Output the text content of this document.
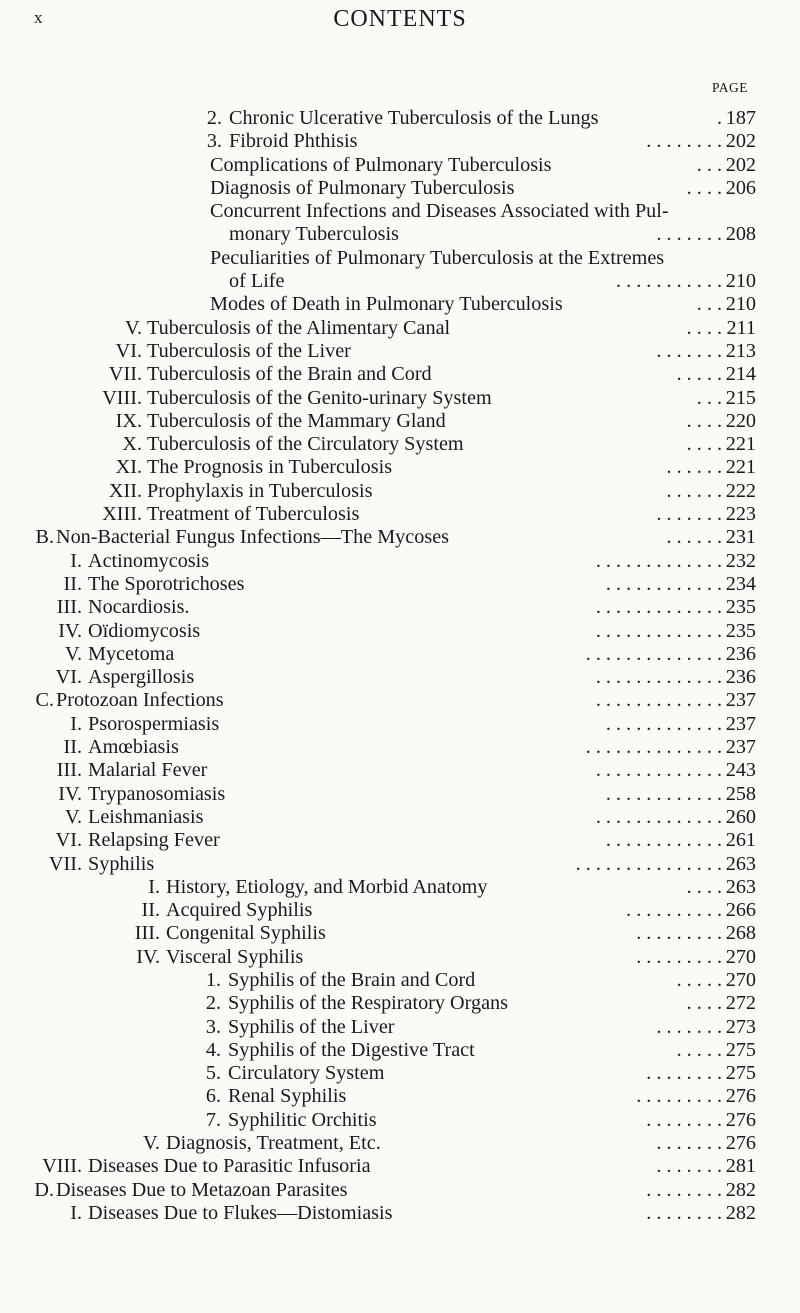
x	CONTENTS
PAGE
2. Chronic Ulcerative Tuberculosis of the Lungs	. 187
3. Fibroid Phthisis	. . . . . . . . 202
Complications of Pulmonary Tuberculosis	. . . 202
Diagnosis of Pulmonary Tuberculosis	. . . . 206
Concurrent Infections and Diseases Associated with Pul-
monary Tuberculosis	. . . . . . . 208
Peculiarities of Pulmonary Tuberculosis at the Extremes
of Life	. . . . . . . . . . . 210
Modes of Death in Pulmonary Tuberculosis	. . . 210
V. Tuberculosis of the Alimentary Canal	. . . . 211
VI. Tuberculosis of the Liver	. . . . . . . 213
VII. Tuberculosis of the Brain and Cord	. . . . . 214
VIII. Tuberculosis of the Genito-urinary System	. . . 215
IX. Tuberculosis of the Mammary Gland	. . . . 220
X. Tuberculosis of the Circulatory System	. . . . 221
XI. The Prognosis in Tuberculosis	. . . . . . 221
XII. Prophylaxis in Tuberculosis	. . . . . . 222
XIII. Treatment of Tuberculosis	. . . . . . . 223
B. Non-Bacterial Fungus Infections—The Mycoses	. . . . . . 231
I. Actinomycosis	. . . . . . . . . . . . . 232
II. The Sporotrichoses	. . . . . . . . . . . . 234
III. Nocardiosis.	. . . . . . . . . . . . . 235
IV. Oïdiomycosis	. . . . . . . . . . . . . 235
V. Mycetoma	. . . . . . . . . . . . . . 236
VI. Aspergillosis	. . . . . . . . . . . . . 236
C. Protozoan Infections	. . . . . . . . . . . . . 237
I. Psorospermiasis	. . . . . . . . . . . . 237
II. Amœbiasis	. . . . . . . . . . . . . . 237
III. Malarial Fever	. . . . . . . . . . . . . 243
IV. Trypanosomiasis	. . . . . . . . . . . . 258
V. Leishmaniasis	. . . . . . . . . . . . . 260
VI. Relapsing Fever	. . . . . . . . . . . . 261
VII. Syphilis	. . . . . . . . . . . . . . . 263
I. History, Etiology, and Morbid Anatomy	. . . . 263
II. Acquired Syphilis	. . . . . . . . . . 266
III. Congenital Syphilis	. . . . . . . . . 268
IV. Visceral Syphilis	. . . . . . . . . 270
1. Syphilis of the Brain and Cord	. . . . . 270
2. Syphilis of the Respiratory Organs	. . . . 272
3. Syphilis of the Liver	. . . . . . . 273
4. Syphilis of the Digestive Tract	. . . . . 275
5. Circulatory System	. . . . . . . . 275
6. Renal Syphilis	. . . . . . . . . 276
7. Syphilitic Orchitis	. . . . . . . . 276
V. Diagnosis, Treatment, Etc.	. . . . . . . 276
VIII. Diseases Due to Parasitic Infusoria	. . . . . . . 281
D. Diseases Due to Metazoan Parasites	. . . . . . . . 282
I. Diseases Due to Flukes—Distomiasis	. . . . . . . . 282
